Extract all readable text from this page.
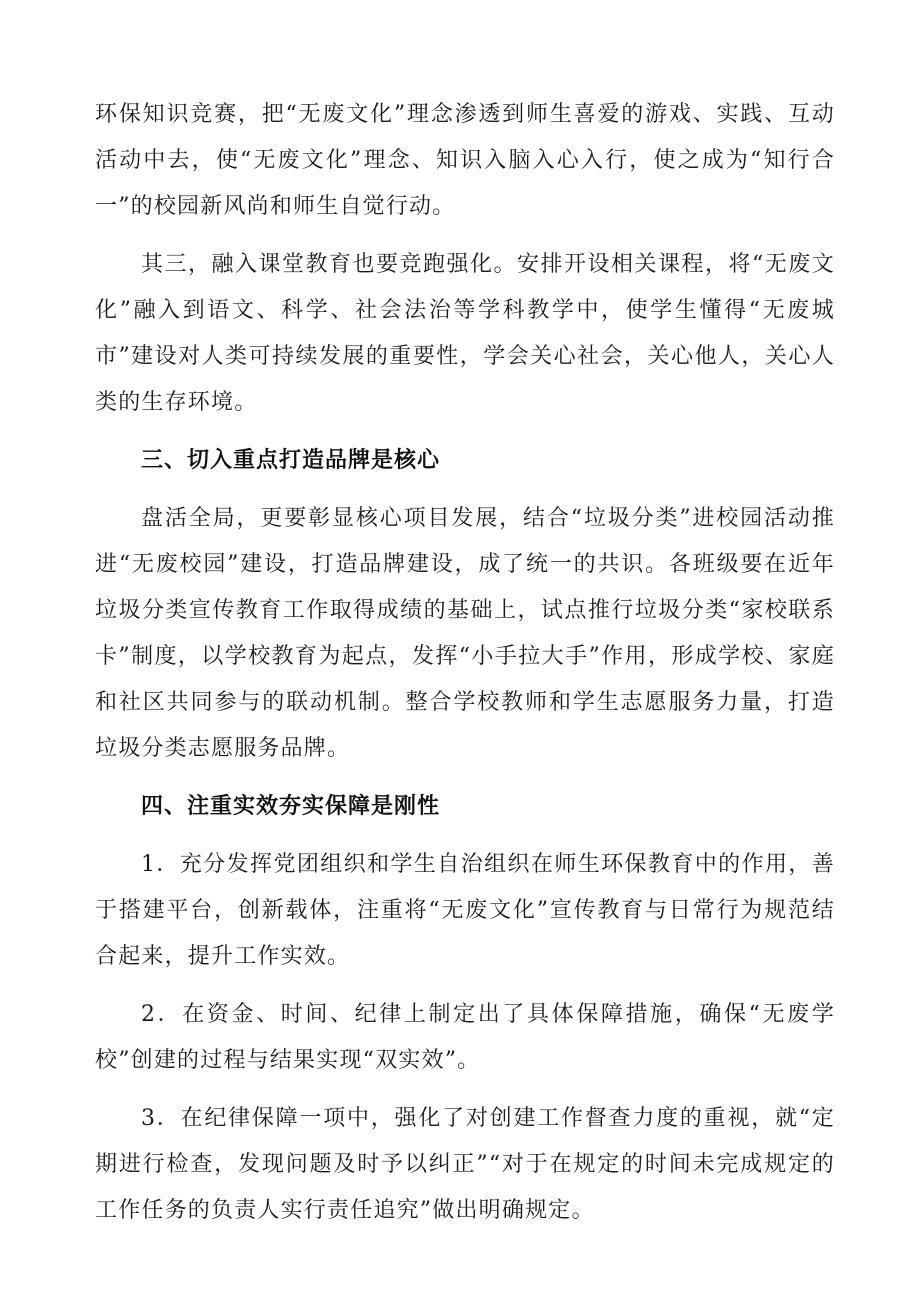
环保知识竞赛，把“无废文化”理念渗透到师生喜爱的游戏、实践、互动活动中去，使“无废文化”理念、知识入脑入心入行，使之成为“知行合一”的校园新风尚和师生自觉行动。

其三，融入课堂教育也要竞跑强化。安排开设相关课程，将“无废文化”融入到语文、科学、社会法治等学科教学中，使学生懂得“无废城市”建设对人类可持续发展的重要性，学会关心社会，关心他人，关心人类的生存环境。

三、切入重点打造品牌是核心

盘活全局，更要彰显核心项目发展，结合“垃圾分类”进校园活动推进“无废校园”建设，打造品牌建设，成了统一的共识。各班级要在近年垃圾分类宣传教育工作取得成绩的基础上，试点推行垃圾分类“家校联系卡”制度，以学校教育为起点，发挥“小手拉大手”作用，形成学校、家庭和社区共同参与的联动机制。整合学校教师和学生志愿服务力量，打造垃圾分类志愿服务品牌。

四、注重实效夯实保障是刚性

1．充分发挥党团组织和学生自治组织在师生环保教育中的作用，善于搭建平台，创新载体，注重将“无废文化”宣传教育与日常行为规范结合起来，提升工作实效。

2．在资金、时间、纪律上制定出了具体保障措施，确保“无废学校”创建的过程与结果实现“双实效”。

3．在纪律保障一项中，强化了对创建工作督查力度的重视，就“定期进行检查，发现问题及时予以纠正”“对于在规定的时间未完成规定的工作任务的负责人实行责任追究”做出明确规定。
